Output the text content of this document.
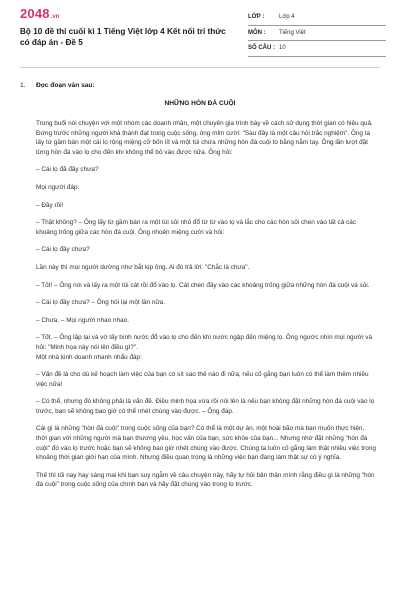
2048 .vn
Bộ 10 đề thi cuối kì 1 Tiếng Việt lớp 4 Kết nối tri thức có đáp án - Đề 5
LỚP :	Lớp 4
MÔN :	Tiếng Việt
SỐ CÂU : 10
1. Đọc đoạn văn sau:
NHỮNG HÒN ĐÁ CUỘI

Trong buổi nói chuyện với một nhóm các doanh nhân, một chuyên gia trình bày về cách sử dụng thời gian có hiệu quả. Đứng trước những người khá thành đạt trong cuộc sống, ông mỉm cười: "Sau đây là một câu hỏi trắc nghiệm". Ông ta lấy từ gầm bàn một cái lọ rộng miệng cỡ bốn lít và một túi chứa những hòn đá cuội to bằng nắm tay. Ông lần lượt đặt từng hòn đá vào lọ cho đến khi không thể bỏ vào được nữa. Ông hỏi:

– Cái lọ đã đầy chưa?

Mọi người đáp:

– Đầy rồi!

– Thật không? – Ông lấy từ gầm bàn ra một túi sỏi nhỏ đổ từ từ vào lọ và lắc cho các hòn sỏi chen vào tất cả các khoảng trống giữa các hòn đá cuội. Ông nhoẻn miệng cười và hỏi:

– Cái lọ đầy chưa?

Lần này thì mọi người dường như bắt kịp ông. Ai đó trả lời: "Chắc là chưa".

– Tốt! – Ông nói và lấy ra một túi cát rồi đổ vào lọ. Cát chen đầy vào các khoảng trống giữa những hòn đá cuội và sỏi.

– Cái lọ đầy chưa? – Ông hỏi lại một lần nữa.

– Chưa. – Mọi người nhao nhao.

– Tốt. – Ông lặp lại và vớ lấy bình nước đổ vào lọ cho đến khi nước ngập đến miệng lọ. Ông ngước nhìn mọi người và hỏi: "Minh họa này nói lên điều gì?".

Một nhà kinh doanh nhanh nhẩu đáp:

– Vấn đề là cho dù kế hoạch làm việc của bạn có sít sao thế nào đi nữa, nếu cố gắng bạn luôn có thể làm thêm nhiều việc nữa!

– Có thể, nhưng đó không phải là vấn đề. Điều minh họa vừa rồi nói lên là nếu bạn không đặt những hòn đá cuội vào lọ trước, bạn sẽ không bao giờ có thể nhét chúng vào được. – Ông đáp.

Cái gì là những "hòn đá cuội" trong cuộc sống của bạn? Có thể là một dự án, một hoài bão mà bạn muốn thực hiện, thời gian với những người mà bạn thương yêu, học vấn của bạn, sức khỏe của bạn... Nhưng nhớ đặt những "hòn đá cuội" đó vào lọ trước hoặc bạn sẽ không bao giờ nhét chúng vào được. Chúng ta luôn cố gắng làm thật nhiều việc trong khoảng thời gian giới hạn của mình. Nhưng điều quan trọng là những việc bạn đang làm thật sự có ý nghĩa.

Thế thì tối nay hay sáng mai khi bạn suy ngẫm về câu chuyện này, hãy tự hỏi bản thân mình rằng điều gì là những "hòn đá cuội" trong cuộc sống của chính bạn và hãy đặt chúng vào trong lọ trước.
